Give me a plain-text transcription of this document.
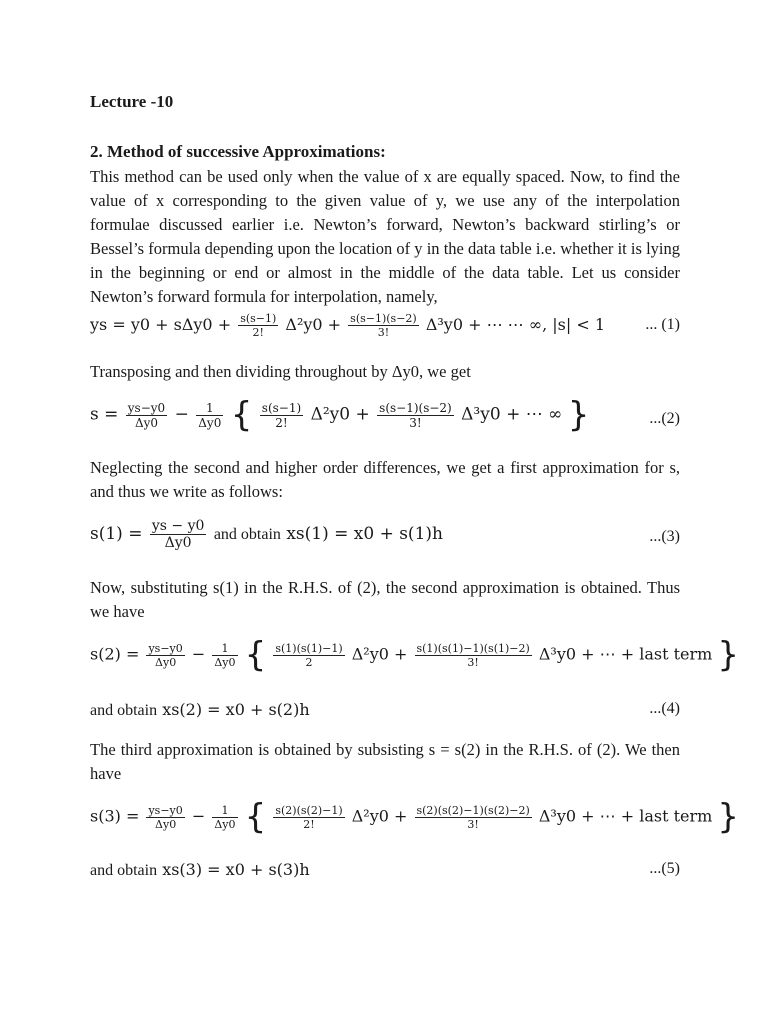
Lecture -10
2. Method of successive Approximations:
This method can be used only when the value of x are equally spaced. Now, to find the value of x corresponding to the given value of y, we use any of the interpolation formulae discussed earlier i.e. Newton’s forward, Newton’s backward stirling’s or Bessel’s formula depending upon the location of y in the data table i.e. whether it is lying in the beginning or end or almost in the middle of the data table. Let us consider Newton’s forward formula for interpolation, namely,
ys = $y0 + s\Delta y0 + \frac{s(s-1)}{2!} \Delta^2y0 + \frac{s(s-1)(s-2)}{3!} \Delta^3y0$ + ⋯ ⋯ ∞, |s| < 1	... (1)
Transposing and then dividing throughout by Δy0, we get
$s = \frac{ys-y0}{\Delta y0} - \frac{1}{\Delta y0}$ { $\frac{s(s-1)}{2!} \Delta^2y0 + \frac{s(s-1)(s-2)}{3!} \Delta^3y0$ + ⋯ ∞ }	...(2)
Neglecting the second and higher order differences, we get a first approximation for s, and thus we write as follows:
$s(1) = \frac{ys - y0}{\Delta y0}$ and obtain xs(1) = x0 + s(1)h	...(3)
Now, substituting s(1) in the R.H.S. of (2), the second approximation is obtained. Thus we have
$s(2) = \frac{ys-y0}{\Delta y0} - \frac{1}{\Delta y0}$ { $\frac{s(1)(s(1)-1)}{2} \Delta^2y0 + \frac{s(1)(s(1)-1)(s(1)-2)}{3!} \Delta^3y0$ + ⋯ + last term }
and obtain xs(2) = x0 + s(2)h	...(4)
The third approximation is obtained by subsisting s = s(2) in the R.H.S. of (2). We then have
$s(3) = \frac{ys-y0}{\Delta y0} - \frac{1}{\Delta y0}$ { $\frac{s(2)(s(2)-1)}{2!} \Delta^2y0 + \frac{s(2)(s(2)-1)(s(2)-2)}{3!} \Delta^3y0$ + ⋯ + last term }
and obtain xs(3) = x0 + s(3)h	...(5)
